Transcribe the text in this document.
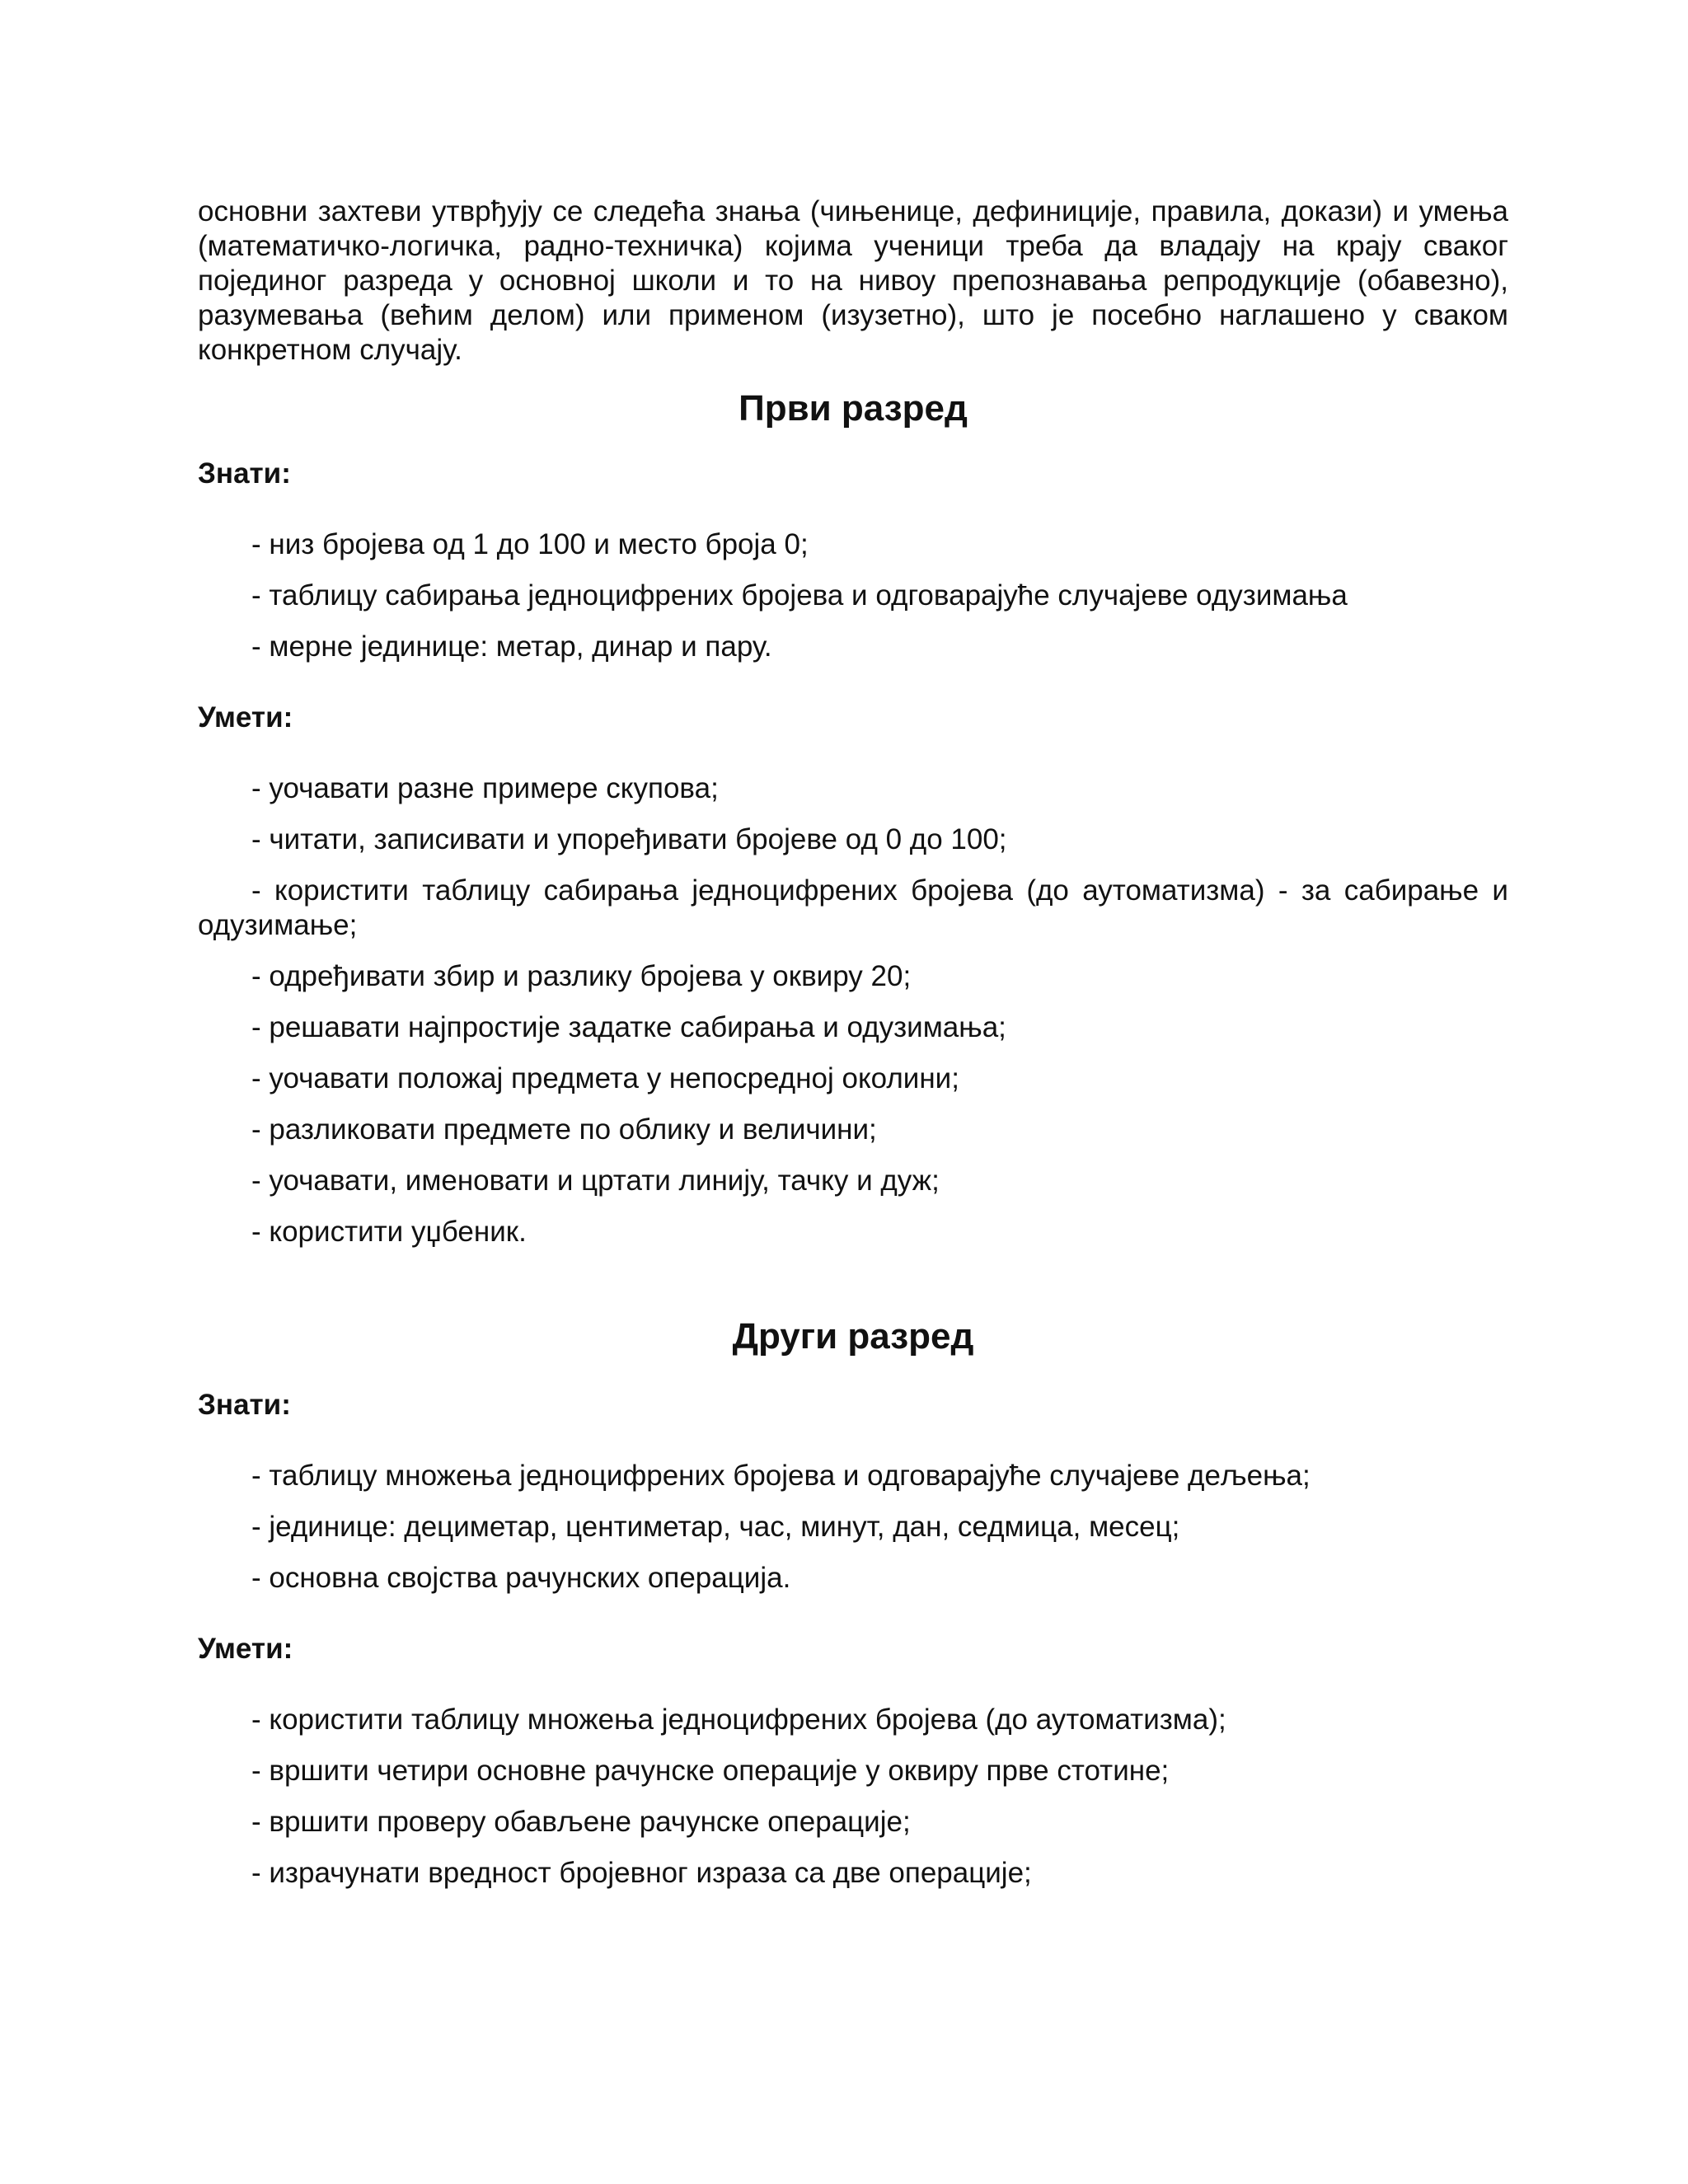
основни захтеви утврђују се следећа знања (чињенице, дефиниције, правила, докази) и умења (математичко-логичка, радно-техничка) којима ученици треба да владају на крају сваког појединог разреда у основној школи и то на нивоу препознавања репродукције (обавезно), разумевања (већим делом) или применом (изузетно), што је посебно наглашено у сваком конкретном случају.

Први разред

Знати:

- низ бројева од 1 до 100 и место броја 0;

- таблицу сабирања једноцифрених бројева и одговарајуће случајеве одузимања

- мерне јединице: метар, динар и пару.

Умети:

- уочавати разне примере скупова;

- читати, записивати и упоређивати бројеве од 0 до 100;

- користити таблицу сабирања једноцифрених бројева (до аутоматизма) - за сабирање и одузимање;

- одређивати збир и разлику бројева у оквиру 20;

- решавати најпростије задатке сабирања и одузимања;

- уочавати положај предмета у непосредној околини;

- разликовати предмете по облику и величини;

- уочавати, именовати и цртати линију, тачку и дуж;

- користити уџбеник.

Други разред

Знати:

- таблицу множења једноцифрених бројева и одговарајуће случајеве дељења;

- јединице: дециметар, центиметар, час, минут, дан, седмица, месец;

- основна својства рачунских операција.

Умети:

- користити таблицу множења једноцифрених бројева (до аутоматизма);

- вршити четири основне рачунске операције у оквиру прве стотине;

- вршити проверу обављене рачунске операције;

- израчунати вредност бројевног израза са две операције;
